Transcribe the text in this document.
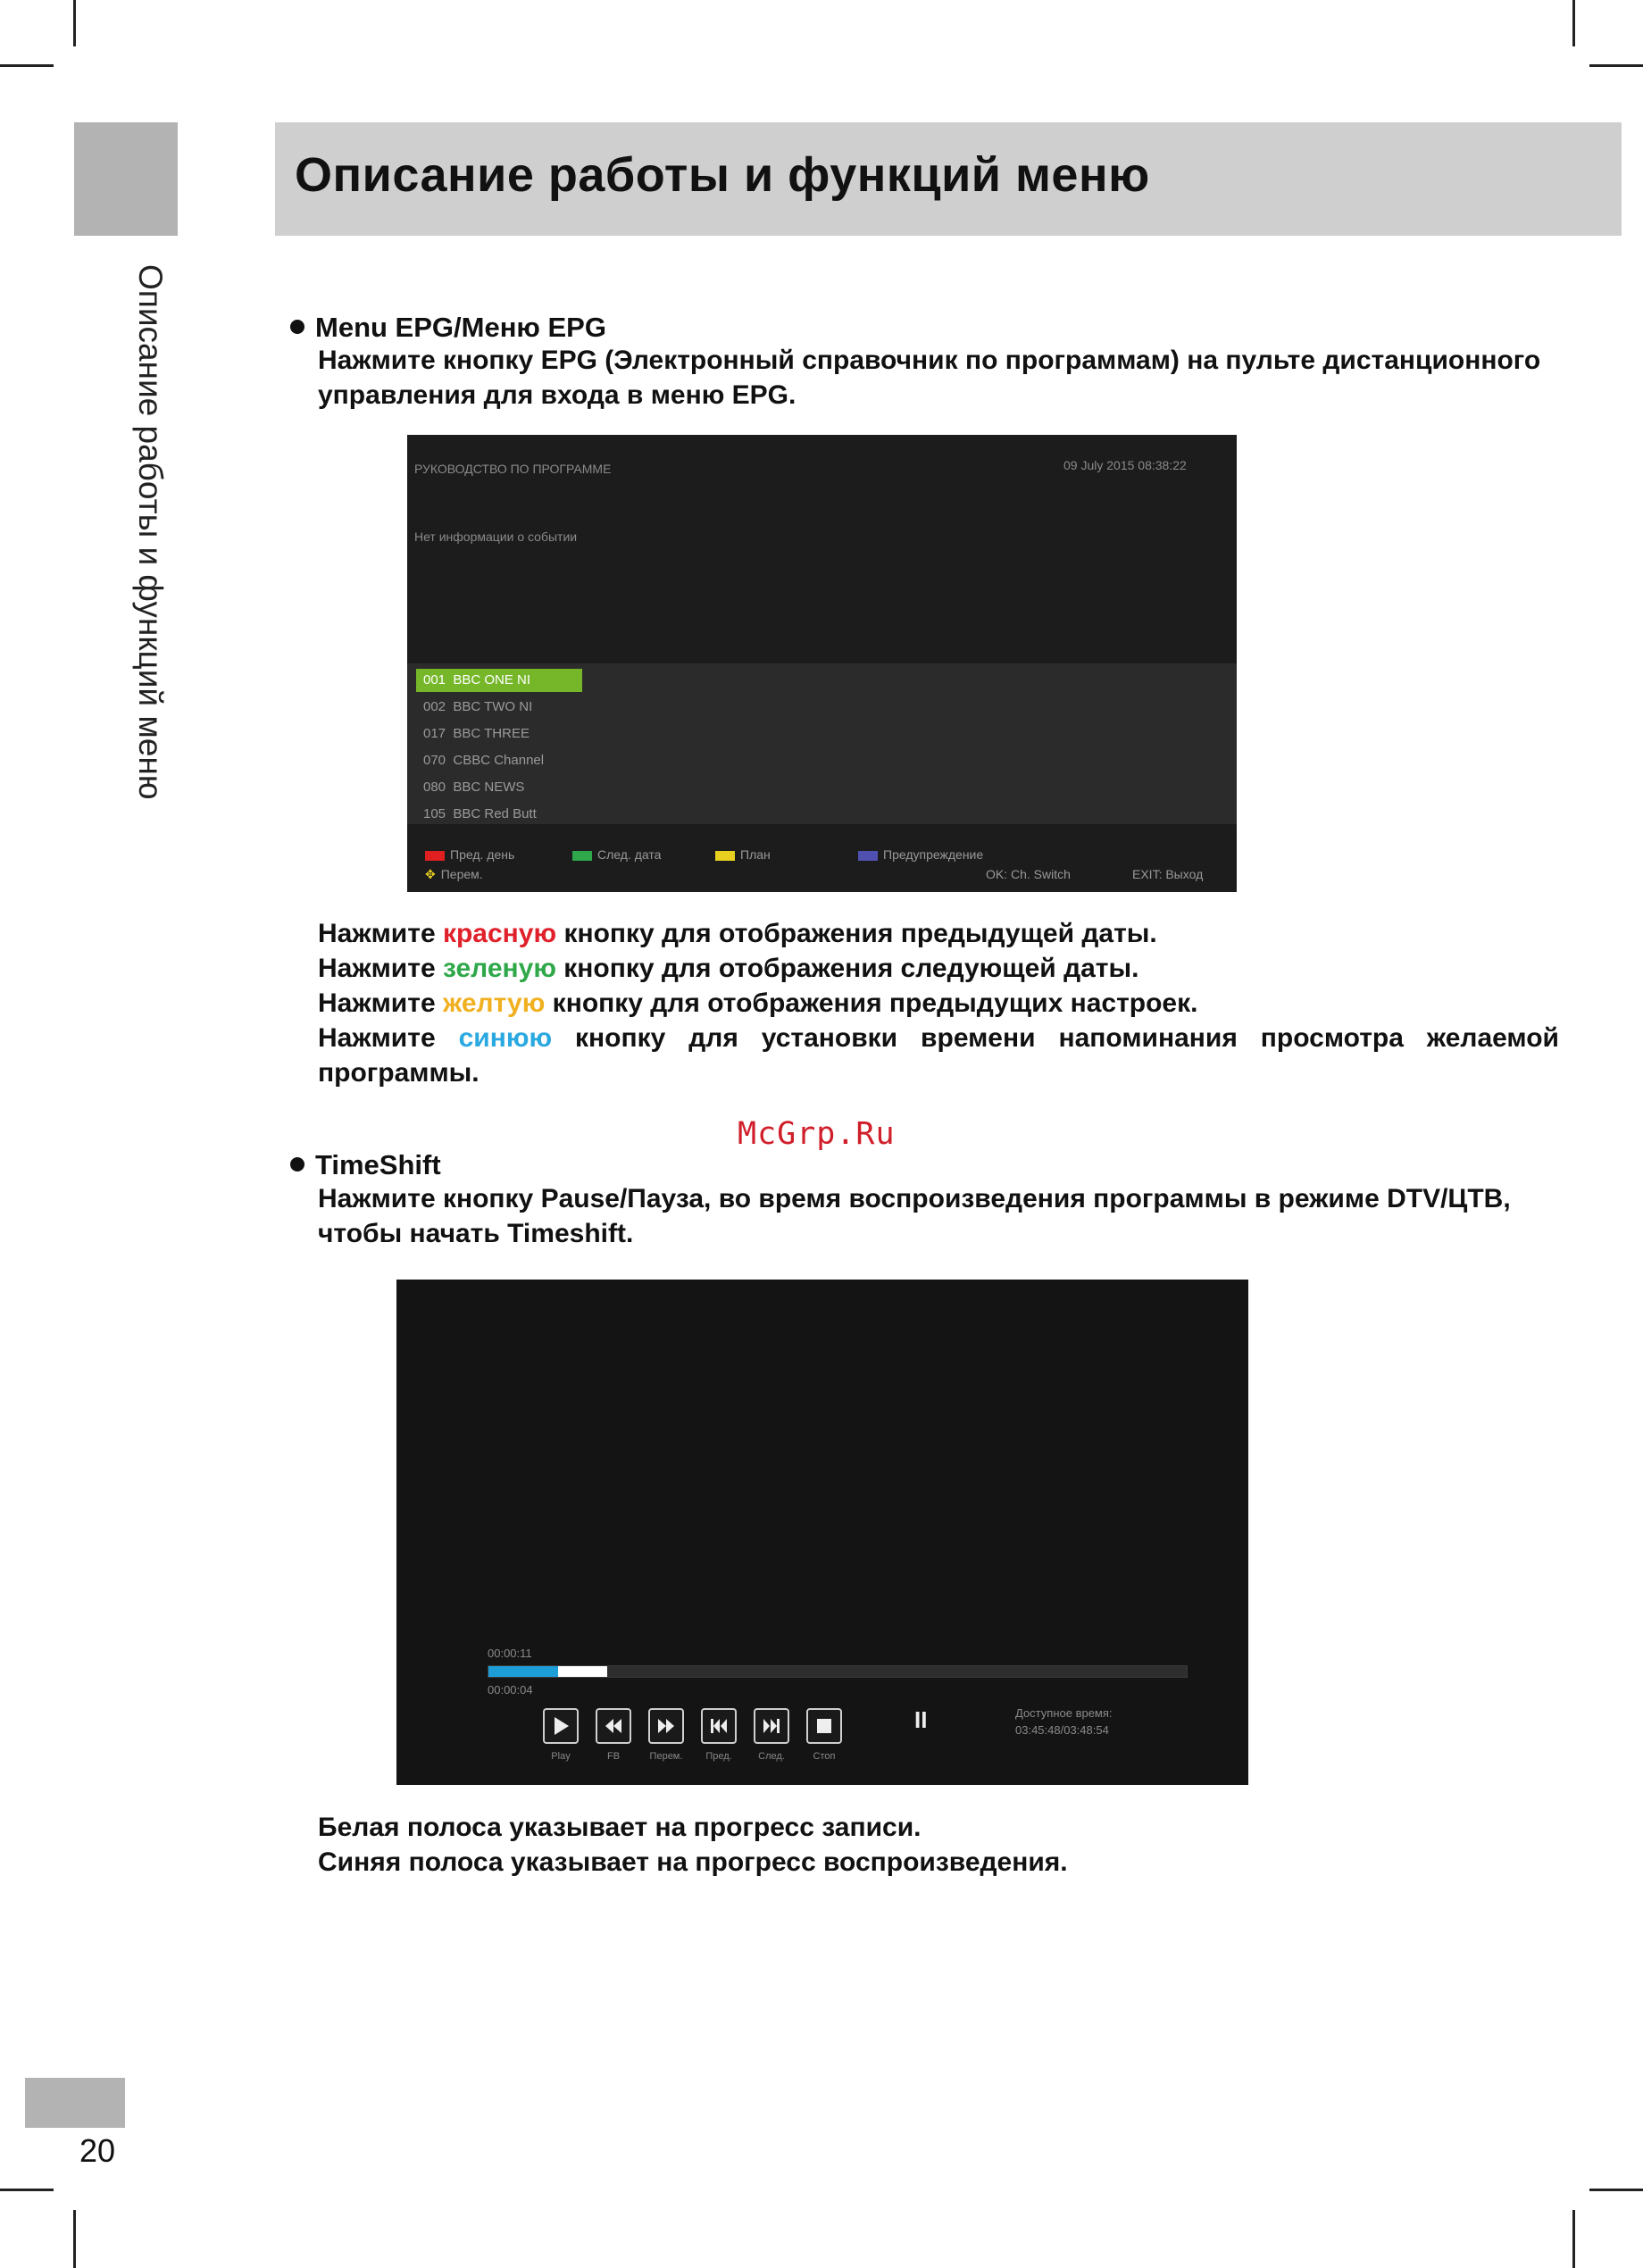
Описание работы и функций меню
Описание работы и функций меню	Menu EPG/Меню EPG
Нажмите кнопку EPG (Электронный справочник по программам) на пульте дистанционного управления для входа в меню EPG.
РУКОВОДСТВО ПО ПРОГРАММЕ	09 July 2015 08:38:22
Нет информации о событии
001 BBC ONE NI
002 BBC TWO NI
017 BBC THREE
070 CBBC Channel
080 BBC NEWS
105 BBC Red Butt
Пред. день	След. дата	План	Предупреждение
✥ Перем.	OK: Ch. Switch	EXIT: Выход
Нажмите красную кнопку для отображения предыдущей даты.
Нажмите зеленую кнопку для отображения следующей даты.
Нажмите желтую кнопку для отображения предыдущих настроек.
Нажмите синюю кнопку для установки времени напоминания просмотра желаемой программы.
McGrp.Ru
TimeShift
Нажмите кнопку Pause/Пауза, во время воспроизведения программы в режиме DTV/ЦТВ, чтобы начать Timeshift.
00:00:11
00:00:04
Play	FB	Перем.	Пред.	След.	Стоп
II	Доступное время:
03:45:48/03:48:54
Белая полоса указывает на прогресс записи.
Синяя полоса указывает на прогресс воспроизведения.
20
